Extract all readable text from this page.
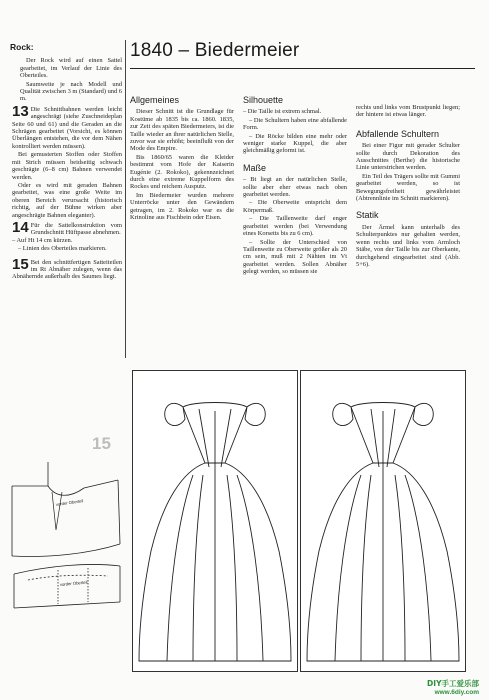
Rock:

Der Rock wird auf einen Sattel gearbeitet, im Verlauf der Linie des Oberteiles.

Saumweite je nach Modell und Qualität zwischen 3 m (Standard) und 6 m.

13 Die Schnittbahnen werden leicht angeschrägt (siehe Zuschneideplan Seite 60 und 61) und die Geraden an die Schrägen gearbeitet (Vorsicht, es können Überlängen entstehen, die vor dem Nähen kontrolliert werden müssen).

Bei gemusterten Stoffen oder Stoffen mit Strich müssen beidseitig schwach geschrägte (6–8 cm) Bahnen verwendet werden.

Oder es wird mit geraden Bahnen gearbeitet, was eine große Weite im oberen Bereich verursacht (historisch richtig, auf der Bühne wirken aber angeschrägte Bahnen eleganter).

14 Für die Sattelkonstruktion vom Grundschnitt Hüftpasse abnehmen.

– Auf Ht 14 cm kürzen.

– Linien des Oberteiles markieren.

15 Bei den schnittfertigen Satteiteilen im Rt Abnäher zulegen, wenn das Abnähernde außerhalb des Saumes liegt.
15
vorder Oberteil
vorder Oberteil
1840 – Biedermeier
Allgemeines

Dieser Schnitt ist die Grundlage für Kostüme ab 1835 bis ca. 1860. 1835, zur Zeit des späten Biedermeiers, ist die Taille wieder an ihrer natürlichen Stelle, zuvor war sie erhöht; beeinflußt von der Mode des Empire.

Bis 1860/65 waren die Kleider bestimmt vom Hofe der Kaiserin Eugénie (2. Rokoko), gekennzeichnet durch eine extreme Kuppelform des Rockes und reichem Ausputz.

Im Biedermeier wurden mehrere Unterröcke unter den Gewändern getragen, im 2. Rokoko war es die Krinoline aus Fischbein oder Eisen.

Silhouette

– Die Taille ist extrem schmal.

– Die Schultern haben eine abfallende Form.

– Die Röcke bilden eine mehr oder weniger starke Kuppel, die aber gleichmäßig geformt ist.

Maße

– Bt liegt an der natürlichen Stelle, sollte aber eher etwas nach oben gearbeitet werden.

– Die Oberweite entspricht dem Körpermaß.

– Die Taillenweite darf enger gearbeitet werden (bei Verwendung eines Korsetts bis zu 6 cm).

– Sollte der Unterschied von Taillenweite zu Oberweite größer als 20 cm sein, muß mit 2 Nähten im Vt gearbeitet werden. Sollen Abnäher gelegt werden, so müssen sie

rechts und links vom Brustpunkt liegen; der hintere ist etwas länger.

Abfallende Schultern

Bei einer Figur mit gerader Schulter sollte durch Dekoration des Ausschnittes (Berthe) die historische Linie unterstrichen werden.

Ein Teil des Trägers sollte mit Gummi gearbeitet werden, so ist Bewegungsfreiheit gewährleistet (Abtrennlinie im Schnitt markieren).

Statik

Der Ärmel kann unterhalb des Schulterpunktes nur gehalten werden, wenn rechts und links vom Armloch Stäbe, von der Taille bis zur Oberkante, durchgehend eingearbeitet sind (Abb. 5+6).

DIY手工爱乐部
www.6diy.com
